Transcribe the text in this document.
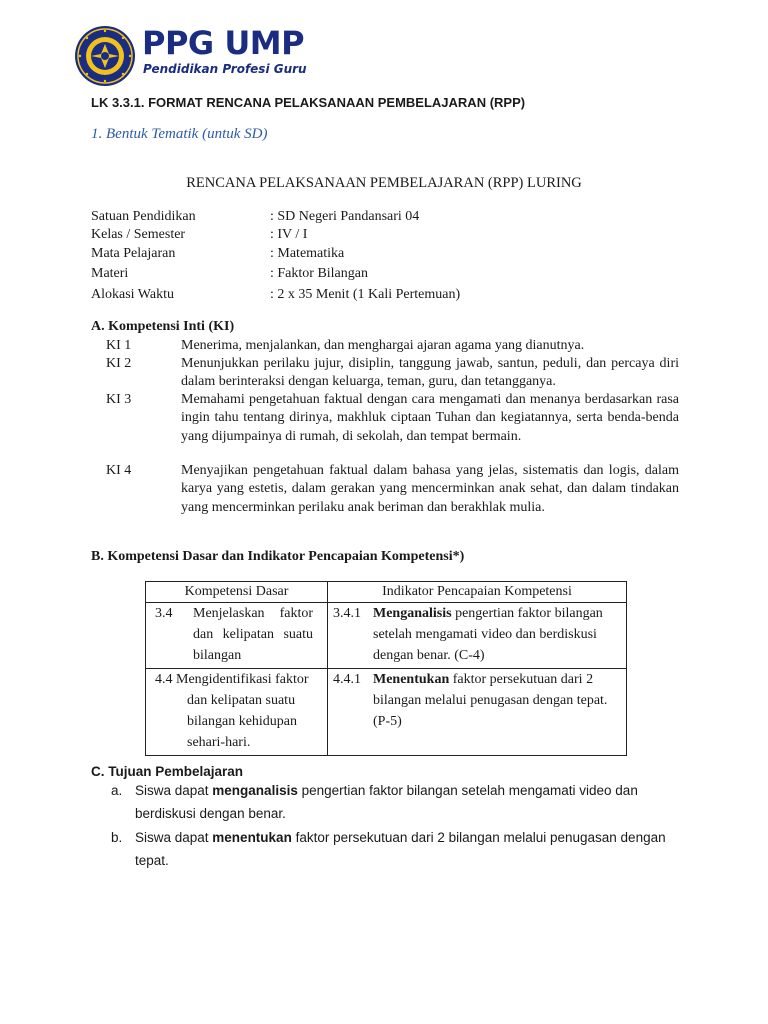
PPG UMP
Pendidikan Profesi Guru
LK 3.3.1. FORMAT RENCANA PELAKSANAAN PEMBELAJARAN (RPP)
1. Bentuk Tematik (untuk SD)
RENCANA PELAKSANAAN PEMBELAJARAN (RPP) LURING
Satuan Pendidikan	: SD Negeri Pandansari 04
Kelas / Semester	: IV / I
Mata Pelajaran	: Matematika
Materi	: Faktor Bilangan
Alokasi Waktu	: 2 x 35 Menit (1 Kali Pertemuan)
A. Kompetensi Inti (KI)
KI 1	Menerima, menjalankan, dan menghargai ajaran agama yang dianutnya.
KI 2	Menunjukkan perilaku jujur, disiplin, tanggung jawab, santun, peduli, dan percaya diri dalam berinteraksi dengan keluarga, teman, guru, dan tetangganya.
KI 3	Memahami pengetahuan faktual dengan cara mengamati dan menanya berdasarkan rasa ingin tahu tentang dirinya, makhluk ciptaan Tuhan dan kegiatannya, serta benda-benda yang dijumpainya di rumah, di sekolah, dan tempat bermain.
KI 4	Menyajikan pengetahuan faktual dalam bahasa yang jelas, sistematis dan logis, dalam karya yang estetis, dalam gerakan yang mencerminkan anak sehat, dan dalam tindakan yang mencerminkan perilaku anak beriman dan berakhlak mulia.
B. Kompetensi Dasar dan Indikator Pencapaian Kompetensi*)
Kompetensi Dasar	Indikator Pencapaian Kompetensi

3.4 Menjelaskan faktor dan kelipatan suatu bilangan	3.4.1 Menganalisis pengertian faktor bilangan setelah mengamati video dan berdiskusi dengan benar. (C-4)

4.4 Mengidentifikasi faktor dan kelipatan suatu bilangan kehidupan sehari-hari.	4.4.1 Menentukan faktor persekutuan dari 2 bilangan melalui penugasan dengan tepat. (P-5)
C. Tujuan Pembelajaran
a. Siswa dapat menganalisis pengertian faktor bilangan setelah mengamati video dan berdiskusi dengan benar.
b. Siswa dapat menentukan faktor persekutuan dari 2 bilangan melalui penugasan dengan tepat.
